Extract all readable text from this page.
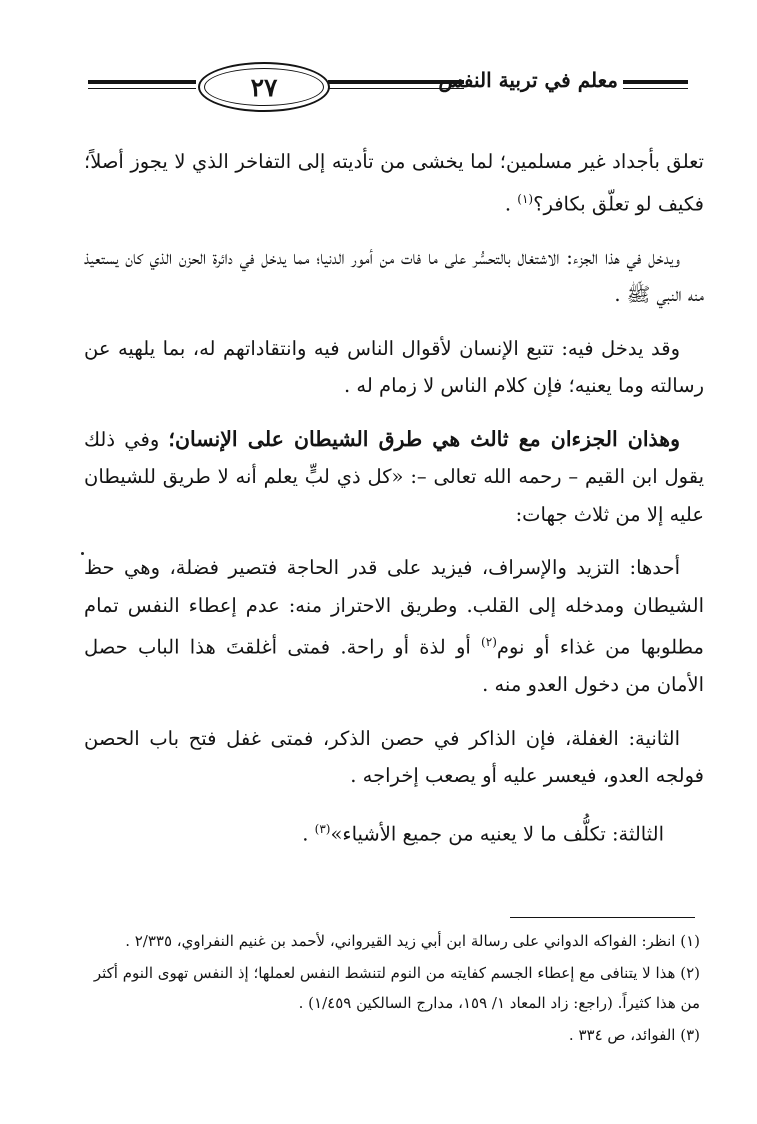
٢٧	معلم في تربية النفس

تعلق بأجداد غير مسلمين؛ لما يخشى من تأديته إلى التفاخر الذي لا يجوز أصلاً؛ فكيف لو تعلّق بكافر؟$^{(١)}$ .

ويدخل في هذا الجزء: الاشتغال بالتحسُّر على ما فات من أمور الدنيا؛ مما يدخل في دائرة الحزن الذي كان يستعيذ منه النبي ﷺ .

وقد يدخل فيه: تتبع الإنسان لأقوال الناس فيه وانتقاداتهم له، بما يلهيه عن رسالته وما يعنيه؛ فإن كلام الناس لا زمام له .

وهذان الجزءان مع ثالث هي طرق الشيطان على الإنسان؛ وفي ذلك يقول ابن القيم – رحمه الله تعالى –: «كل ذي لبٍّ يعلم أنه لا طريق للشيطان عليه إلا من ثلاث جهات:

أحدها: التزيد والإسراف، فيزيد على قدر الحاجة فتصير فضلة، وهي حظ الشيطان ومدخله إلى القلب. وطريق الاحتراز منه: عدم إعطاء النفس تمام مطلوبها من غذاء أو نوم$^{(٢)}$ أو لذة أو راحة. فمتى أغلقتَ هذا الباب حصل الأمان من دخول العدو منه .

الثانية: الغفلة، فإن الذاكر في حصن الذكر، فمتى غفل فتح باب الحصن فولجه العدو، فيعسر عليه أو يصعب إخراجه .

الثالثة: تكلُّف ما لا يعنيه من جميع الأشياء»$^{(٣)}$ .

(١) انظر: الفواكه الدواني على رسالة ابن أبي زيد القيرواني، لأحمد بن غنيم النفراوي، ٢/٣٣٥ .

(٢) هذا لا يتنافى مع إعطاء الجسم كفايته من النوم لتنشط النفس لعملها؛ إذ النفس تهوى النوم أكثر من هذا كثيراً. (راجع: زاد المعاد ١/ ١٥٩، مدارج السالكين ١/٤٥٩) .

(٣) الفوائد، ص ٣٣٤ .
